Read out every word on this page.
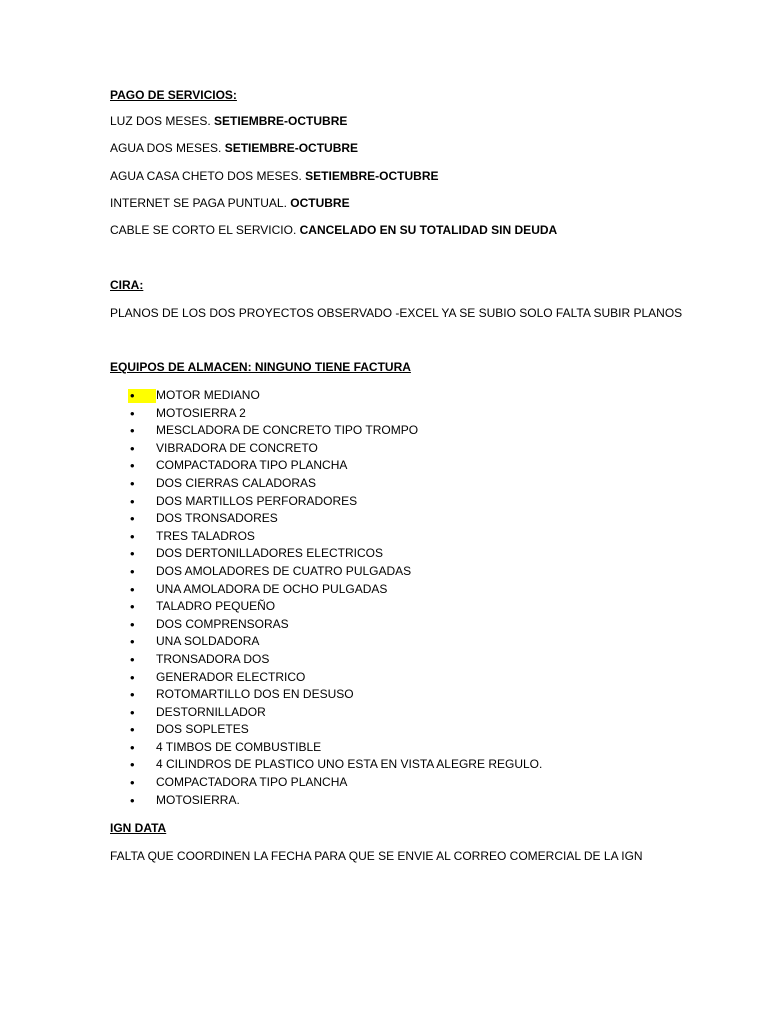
PAGO DE SERVICIOS:
LUZ DOS MESES. SETIEMBRE-OCTUBRE
AGUA DOS MESES. SETIEMBRE-OCTUBRE
AGUA CASA CHETO DOS MESES. SETIEMBRE-OCTUBRE
INTERNET SE PAGA PUNTUAL. OCTUBRE
CABLE SE CORTO EL SERVICIO. CANCELADO EN SU TOTALIDAD SIN DEUDA
CIRA:
PLANOS DE LOS DOS PROYECTOS OBSERVADO -EXCEL YA SE SUBIO SOLO FALTA SUBIR PLANOS
EQUIPOS DE ALMACEN: NINGUNO TIENE FACTURA
• MOTOR MEDIANO
• MOTOSIERRA 2
• MESCLADORA DE CONCRETO TIPO TROMPO
• VIBRADORA DE CONCRETO
• COMPACTADORA TIPO PLANCHA
• DOS CIERRAS CALADORAS
• DOS MARTILLOS PERFORADORES
• DOS TRONSADORES
• TRES TALADROS
• DOS DERTONILLADORES ELECTRICOS
• DOS AMOLADORES DE CUATRO PULGADAS
• UNA AMOLADORA DE OCHO PULGADAS
• TALADRO PEQUEÑO
• DOS COMPRENSORAS
• UNA SOLDADORA
• TRONSADORA DOS
• GENERADOR ELECTRICO
• ROTOMARTILLO DOS EN DESUSO
• DESTORNILLADOR
• DOS SOPLETES
• 4 TIMBOS DE COMBUSTIBLE
• 4 CILINDROS DE PLASTICO UNO ESTA EN VISTA ALEGRE REGULO.
• COMPACTADORA TIPO PLANCHA
• MOTOSIERRA.
IGN DATA
FALTA QUE COORDINEN LA FECHA PARA QUE SE ENVIE AL CORREO COMERCIAL DE LA IGN
